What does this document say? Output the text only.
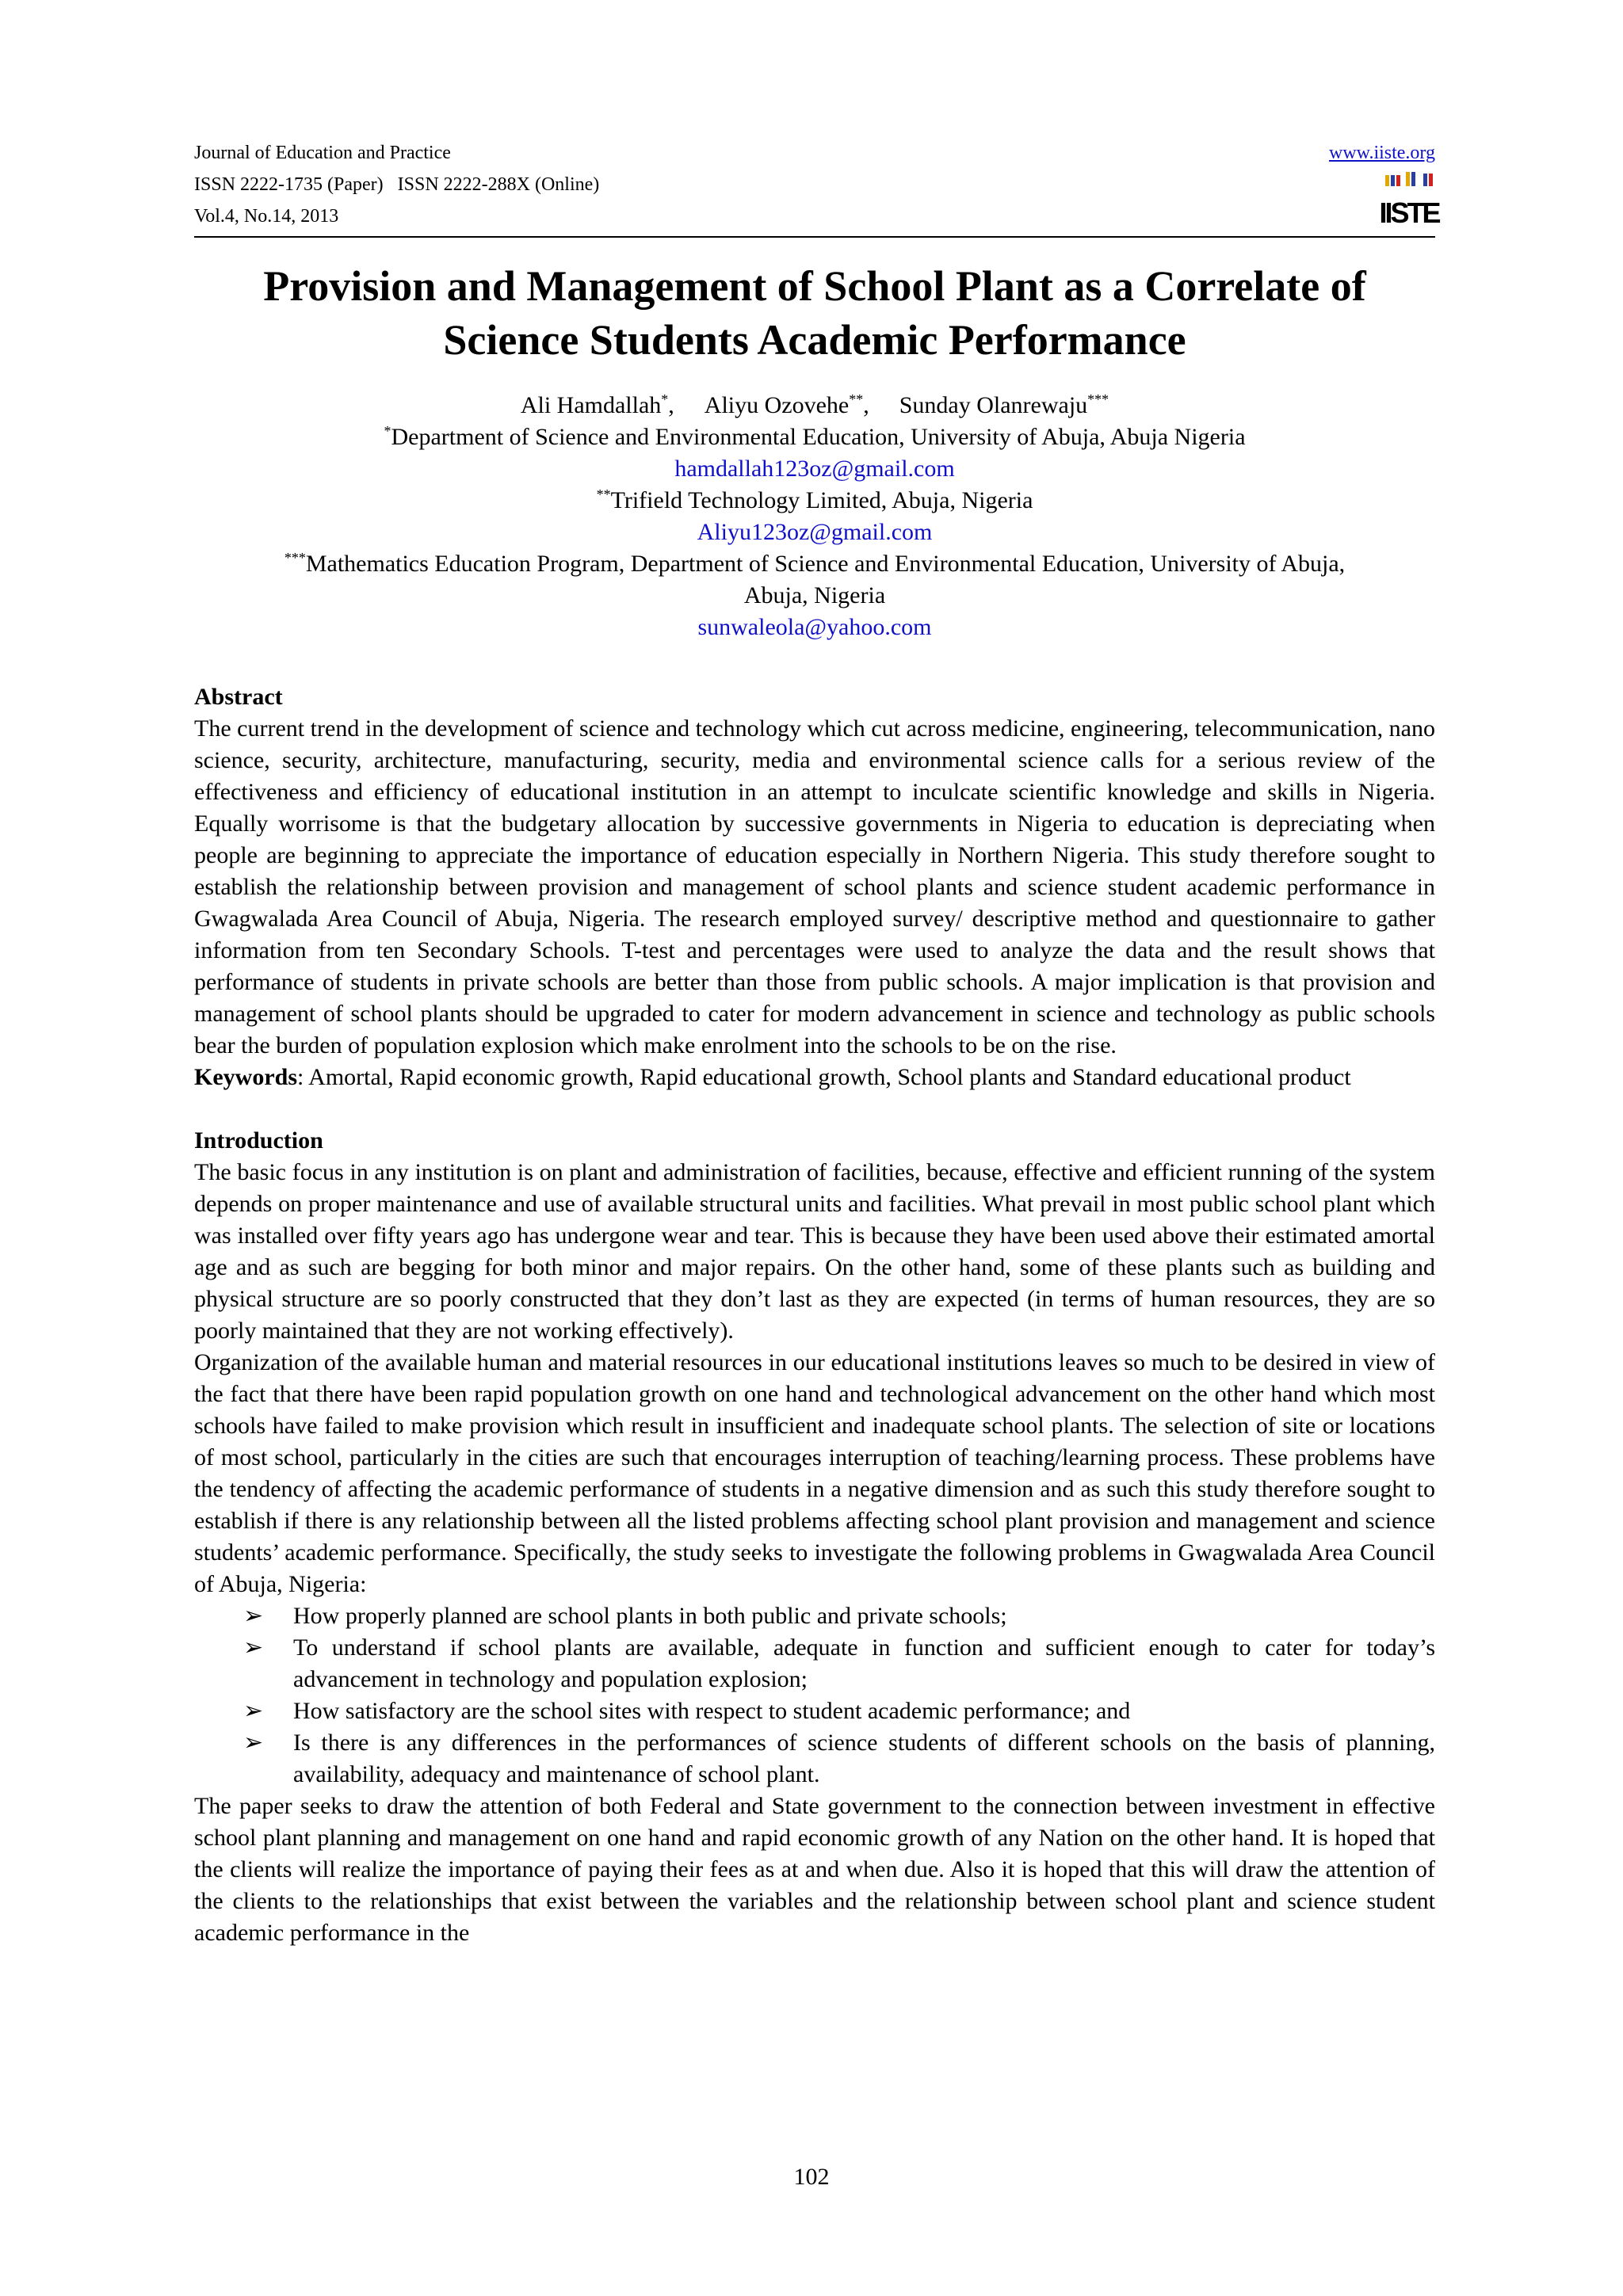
Journal of Education and Practice
ISSN 2222-1735 (Paper) ISSN 2222-288X (Online)
Vol.4, No.14, 2013
www.iiste.org
IISTE
Provision and Management of School Plant as a Correlate of
Science Students Academic Performance
Ali Hamdallah*, Aliyu Ozovehe**, Sunday Olanrewaju***
*Department of Science and Environmental Education, University of Abuja, Abuja Nigeria
hamdallah123oz@gmail.com
**Trifield Technology Limited, Abuja, Nigeria
Aliyu123oz@gmail.com
***Mathematics Education Program, Department of Science and Environmental Education, University of Abuja,
Abuja, Nigeria
sunwaleola@yahoo.com
Abstract

The current trend in the development of science and technology which cut across medicine, engineering, telecommunication, nano science, security, architecture, manufacturing, security, media and environmental science calls for a serious review of the effectiveness and efficiency of educational institution in an attempt to inculcate scientific knowledge and skills in Nigeria. Equally worrisome is that the budgetary allocation by successive governments in Nigeria to education is depreciating when people are beginning to appreciate the importance of education especially in Northern Nigeria. This study therefore sought to establish the relationship between provision and management of school plants and science student academic performance in Gwagwalada Area Council of Abuja, Nigeria. The research employed survey/ descriptive method and questionnaire to gather information from ten Secondary Schools. T-test and percentages were used to analyze the data and the result shows that performance of students in private schools are better than those from public schools. A major implication is that provision and management of school plants should be upgraded to cater for modern advancement in science and technology as public schools bear the burden of population explosion which make enrolment into the schools to be on the rise.

Keywords: Amortal, Rapid economic growth, Rapid educational growth, School plants and Standard educational product

Introduction

The basic focus in any institution is on plant and administration of facilities, because, effective and efficient running of the system depends on proper maintenance and use of available structural units and facilities. What prevail in most public school plant which was installed over fifty years ago has undergone wear and tear. This is because they have been used above their estimated amortal age and as such are begging for both minor and major repairs. On the other hand, some of these plants such as building and physical structure are so poorly constructed that they don’t last as they are expected (in terms of human resources, they are so poorly maintained that they are not working effectively).

Organization of the available human and material resources in our educational institutions leaves so much to be desired in view of the fact that there have been rapid population growth on one hand and technological advancement on the other hand which most schools have failed to make provision which result in insufficient and inadequate school plants. The selection of site or locations of most school, particularly in the cities are such that encourages interruption of teaching/learning process. These problems have the tendency of affecting the academic performance of students in a negative dimension and as such this study therefore sought to establish if there is any relationship between all the listed problems affecting school plant provision and management and science students’ academic performance. Specifically, the study seeks to investigate the following problems in Gwagwalada Area Council of Abuja, Nigeria:

➢ How properly planned are school plants in both public and private schools;
➢ To understand if school plants are available, adequate in function and sufficient enough to cater for today’s advancement in technology and population explosion;
➢ How satisfactory are the school sites with respect to student academic performance; and
➢ Is there is any differences in the performances of science students of different schools on the basis of planning, availability, adequacy and maintenance of school plant.

The paper seeks to draw the attention of both Federal and State government to the connection between investment in effective school plant planning and management on one hand and rapid economic growth of any Nation on the other hand. It is hoped that the clients will realize the importance of paying their fees as at and when due. Also it is hoped that this will draw the attention of the clients to the relationships that exist between the variables and the relationship between school plant and science student academic performance in the

102
